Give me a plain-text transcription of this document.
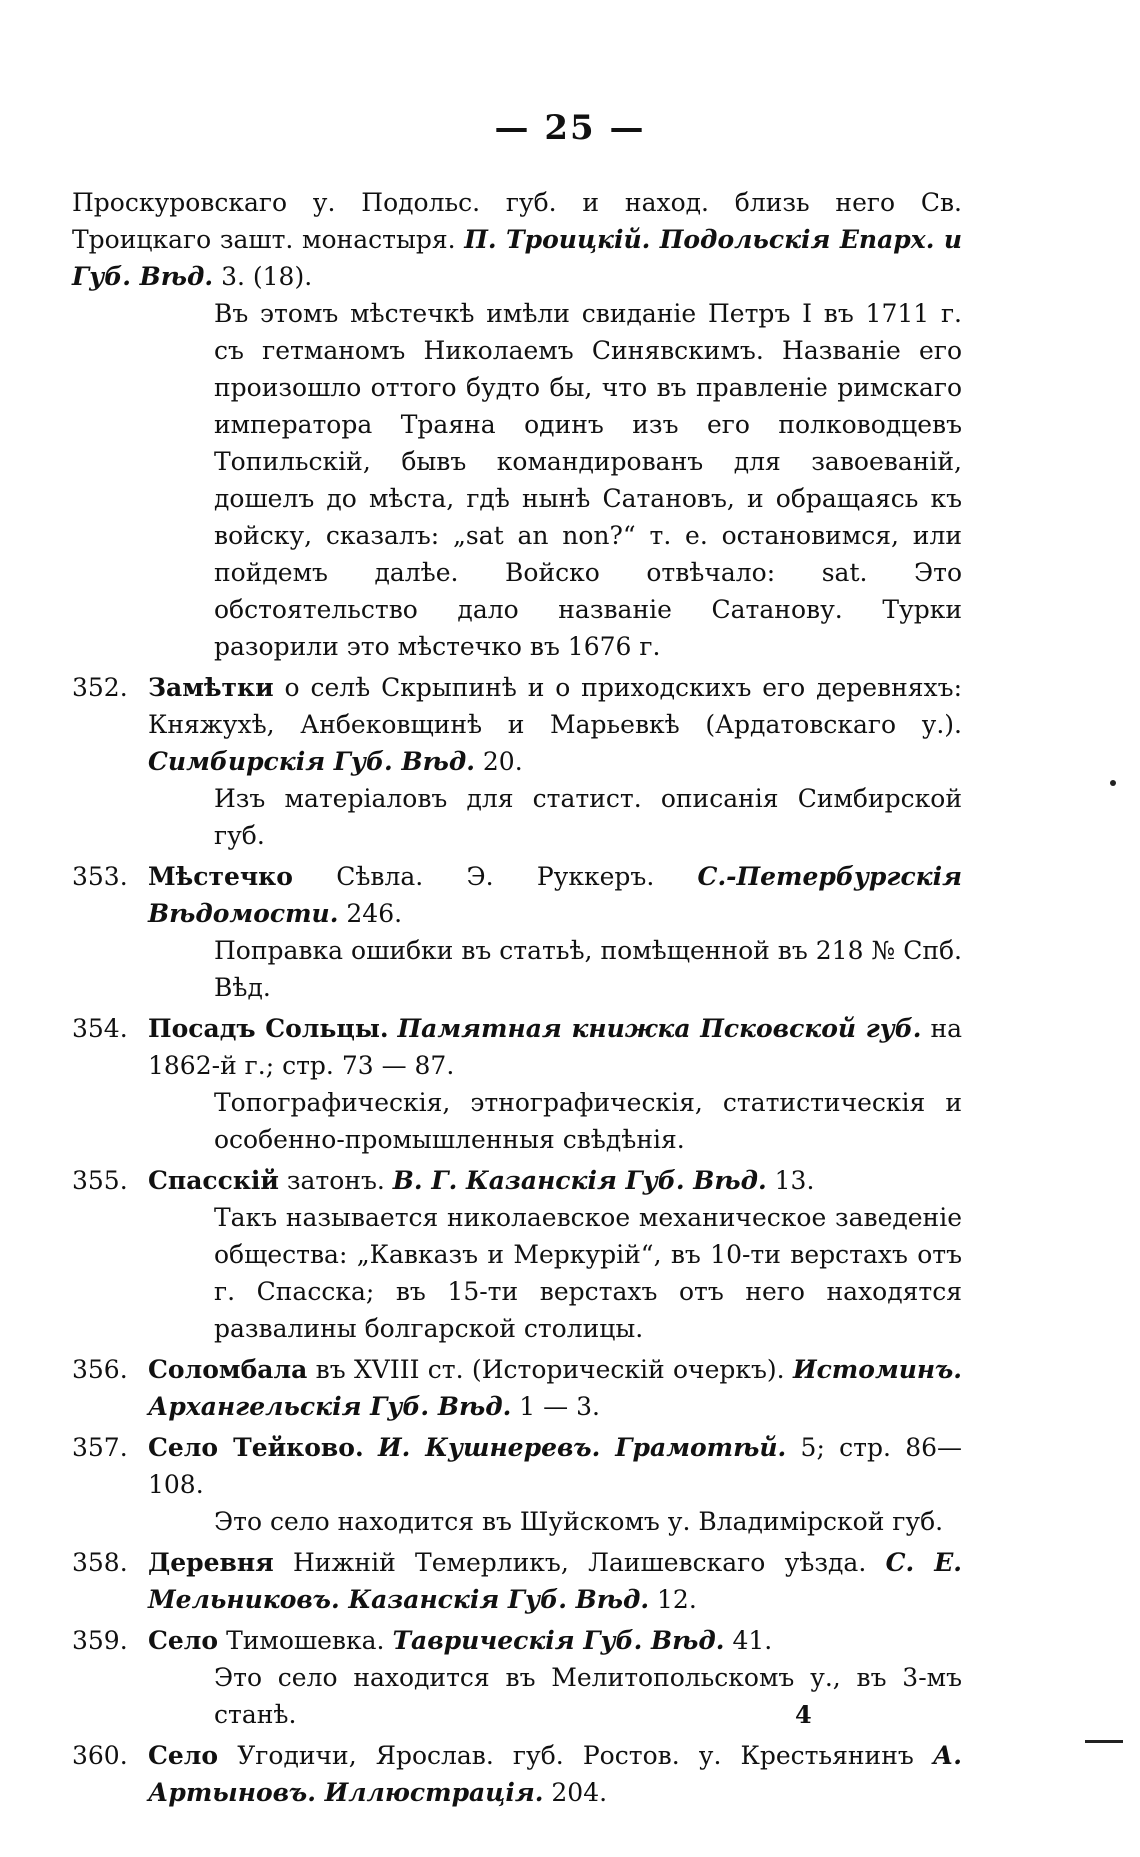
— 25 —

Проскуровскаго у. Подольс. губ. и наход. близь него Св. Троицкаго зашт. монастыря. П. Троицкій. Подольскія Епарх. и Губ. Вѣд. 3. (18).

Въ этомъ мѣстечкѣ имѣли свиданіе Петръ I въ 1711 г. съ гетманомъ Николаемъ Синявскимъ. Названіе его произошло оттого будто бы, что въ правленіе римскаго императора Траяна одинъ изъ его полководцевъ Топильскій, бывъ командированъ для завоеваній, дошелъ до мѣста, гдѣ нынѣ Сатановъ, и обращаясь къ войску, сказалъ: „sat an non?“ т. е. остановимся, или пойдемъ далѣе. Войско отвѣчало: sat. Это обстоятельство дало названіе Сатанову. Турки разорили это мѣстечко въ 1676 г.

352. Замѣтки о селѣ Скрыпинѣ и о приходскихъ его деревняхъ: Княжухѣ, Анбековщинѣ и Марьевкѣ (Ардатовскаго у.). Симбирскія Губ. Вѣд. 20.

Изъ матеріаловъ для статист. описанія Симбирской губ.

353. Мѣстечко Сѣвла. Э. Руккеръ. С.-Петербургскія Вѣдомости. 246.

Поправка ошибки въ статьѣ, помѣщенной въ 218 № Спб. Вѣд.

354. Посадъ Сольцы. Памятная книжка Псковской губ. на 1862-й г.; стр. 73 — 87.

Топографическія, этнографическія, статистическія и особенно-промышленныя свѣдѣнія.

355. Спасскій затонъ. В. Г. Казанскія Губ. Вѣд. 13.

Такъ называется николаевское механическое заведеніе общества: „Кавказъ и Меркурій“, въ 10-ти верстахъ отъ г. Спасска; въ 15-ти верстахъ отъ него находятся развалины болгарской столицы.

356. Соломбала въ XVIII ст. (Историческій очеркъ). Истоминъ. Архангельскія Губ. Вѣд. 1 — 3.

357. Село Тейково. И. Кушнеревъ. Грамотѣй. 5; стр. 86—108.

Это село находится въ Шуйскомъ у. Владимірской губ.

358. Деревня Нижній Темерликъ, Лаишевскаго уѣзда. С. Е. Мельниковъ. Казанскія Губ. Вѣд. 12.

359. Село Тимошевка. Таврическія Губ. Вѣд. 41.

Это село находится въ Мелитопольскомъ у., въ 3-мъ станѣ.

360. Село Угодичи, Ярослав. губ. Ростов. у. Крестьянинъ А. Артыновъ. Иллюстрація. 204.

4
